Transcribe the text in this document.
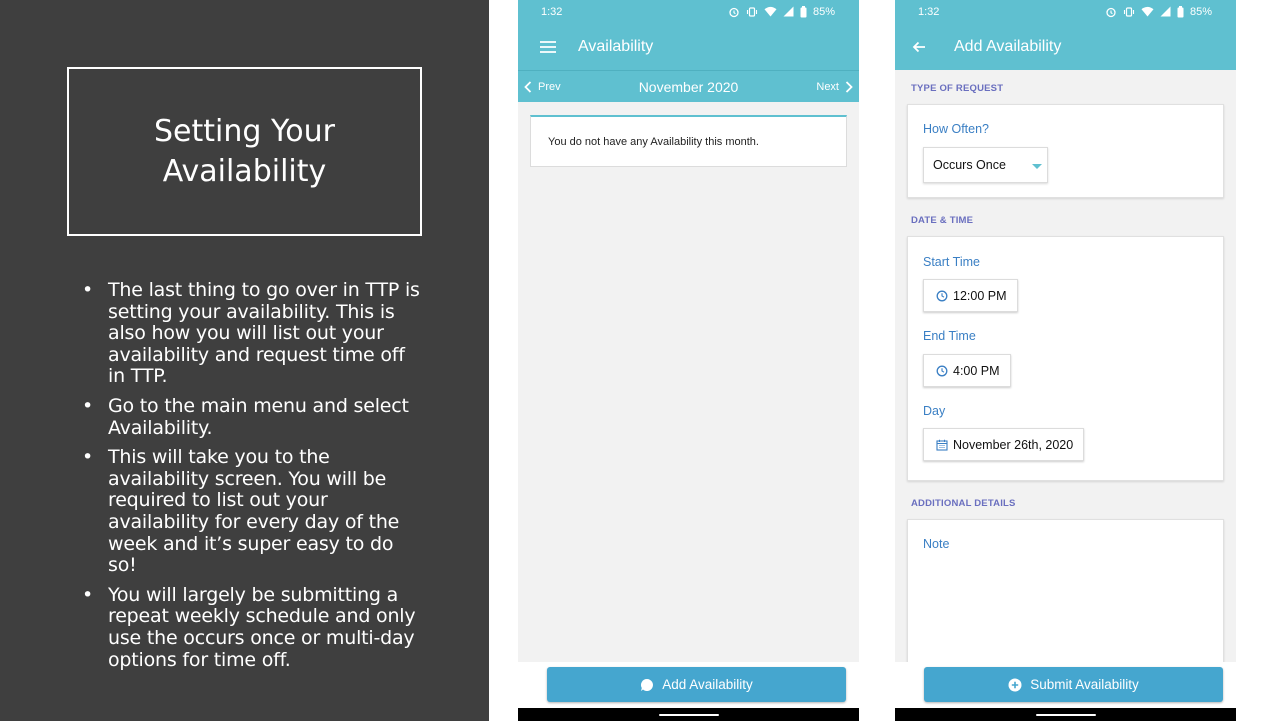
Setting Your Availability
• The last thing to go over in TTP is setting your availability. This is also how you will list out your availability and request time off in TTP.
• Go to the main menu and select Availability.
• This will take you to the availability screen. You will be required to list out your availability for every day of the week and it’s super easy to do so!
• You will largely be submitting a repeat weekly schedule and only use the occurs once or multi-day options for time off.
1:32	85%
Availability
Prev	November 2020	Next
You do not have any Availability this month.
Add Availability
1:32	85%
Add Availability
TYPE OF REQUEST
How Often?
Occurs Once
DATE & TIME
Start Time
12:00 PM
End Time
4:00 PM
Day
November 26th, 2020
ADDITIONAL DETAILS
Note
Submit Availability
